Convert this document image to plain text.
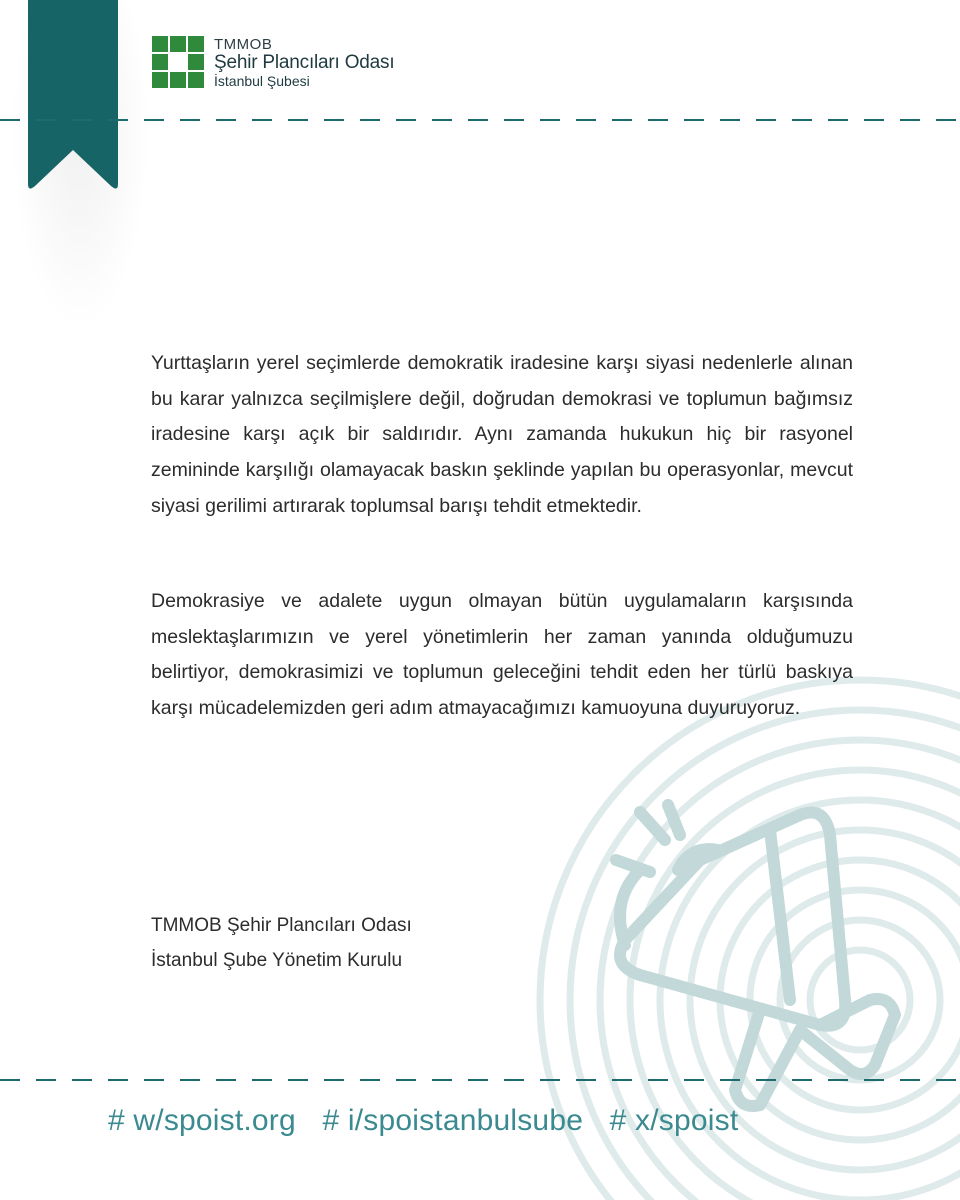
TMMOB
Şehir Plancıları Odası
İstanbul Şubesi
Yurttaşların yerel seçimlerde demokratik iradesine karşı siyasi nedenlerle alınan bu karar yalnızca seçilmişlere değil, doğrudan demokrasi ve toplumun bağımsız iradesine karşı açık bir saldırıdır. Aynı zamanda hukukun hiç bir rasyonel zemininde karşılığı olamayacak baskın şeklinde yapılan bu operasyonlar, mevcut siyasi gerilimi artırarak toplumsal barışı tehdit etmektedir.
Demokrasiye ve adalete uygun olmayan bütün uygulamaların karşısında meslektaşlarımızın ve yerel yönetimlerin her zaman yanında olduğumuzu belirtiyor, demokrasimizi ve toplumun geleceğini tehdit eden her türlü baskıya karşı mücadelemizden geri adım atmayacağımızı kamuoyuna duyuruyoruz.
TMMOB Şehir Plancıları Odası
İstanbul Şube Yönetim Kurulu
# w/spoist.org # i/spoistanbulsube # x/spoist
